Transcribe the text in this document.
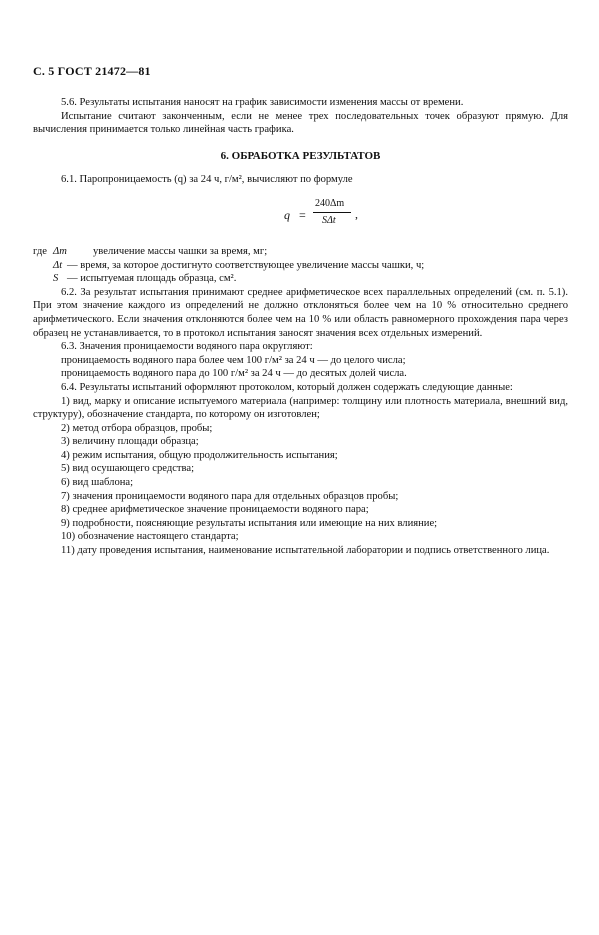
С. 5 ГОСТ 21472—81

5.6. Результаты испытания наносят на график зависимости изменения массы от времени.

Испытание считают законченным, если не менее трех последовательных точек образуют прямую. Для вычисления принимается только линейная часть графика.

6. ОБРАБОТКА РЕЗУЛЬТАТОВ

6.1. Паропроницаемость (q) за 24 ч, г/м², вычисляют по формуле

q =
240Δm
SΔt ,
где Δm	увеличение массы чашки за время, мг;
Δt — время, за которое достигнуто соответствующее увеличение массы чашки, ч;
S — испытуемая площадь образца, см².

6.2. За результат испытания принимают среднее арифметическое всех параллельных определений (см. п. 5.1). При этом значение каждого из определений не должно отклоняться более чем на 10 % относительно среднего арифметического. Если значения отклоняются более чем на 10 % или область равномерного прохождения пара через образец не устанавливается, то в протокол испытания заносят значения всех отдельных измерений.

6.3. Значения проницаемости водяного пара округляют:

проницаемость водяного пара более чем 100 г/м² за 24 ч — до целого числа;

проницаемость водяного пара до 100 г/м² за 24 ч — до десятых долей числа.

6.4. Результаты испытаний оформляют протоколом, который должен содержать следующие данные:

1) вид, марку и описание испытуемого материала (например: толщину или плотность материала, внешний вид, структуру), обозначение стандарта, по которому он изготовлен;

2) метод отбора образцов, пробы;

3) величину площади образца;

4) режим испытания, общую продолжительность испытания;

5) вид осушающего средства;

6) вид шаблона;

7) значения проницаемости водяного пара для отдельных образцов пробы;

8) среднее арифметическое значение проницаемости водяного пара;

9) подробности, поясняющие результаты испытания или имеющие на них влияние;

10) обозначение настоящего стандарта;

11) дату проведения испытания, наименование испытательной лаборатории и подпись ответственного лица.
